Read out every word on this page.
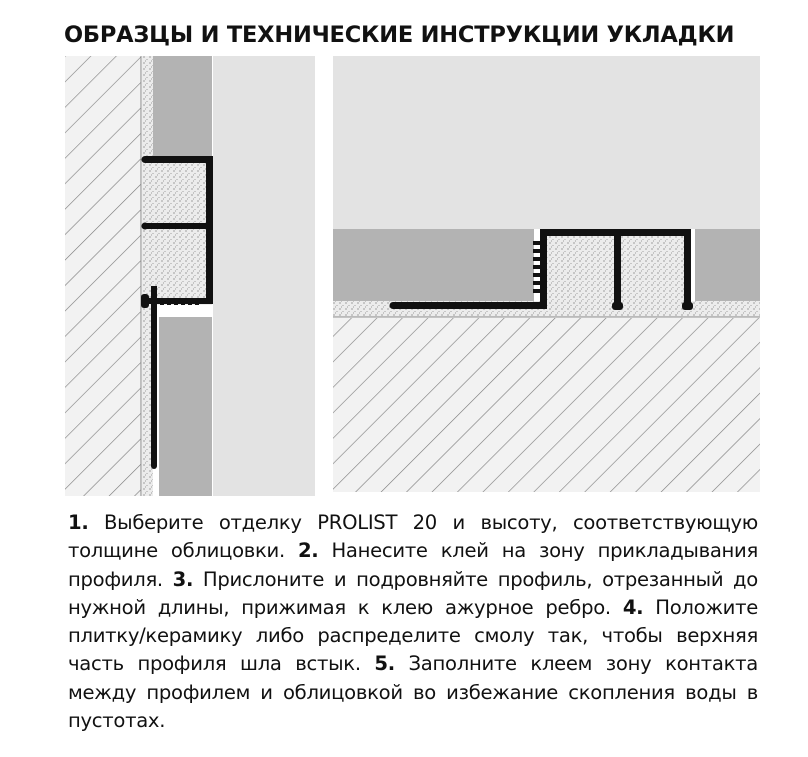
ОБРАЗЦЫ И ТЕХНИЧЕСКИЕ ИНСТРУКЦИИ УКЛАДКИ
1. Выберите отделку PROLIST 20 и высоту, соответствующую толщине облицовки. 2. Нанесите клей на зону прикладывания профиля. 3. Прислоните и подровняйте профиль, отрезанный до нужной длины, прижимая к клею ажурное ребро. 4. Положите плитку/керамику либо распределите смолу так, чтобы верхняя часть профиля шла встык. 5. Заполните клеем зону контакта между профилем и облицовкой во избежание скопления воды в пустотах.
